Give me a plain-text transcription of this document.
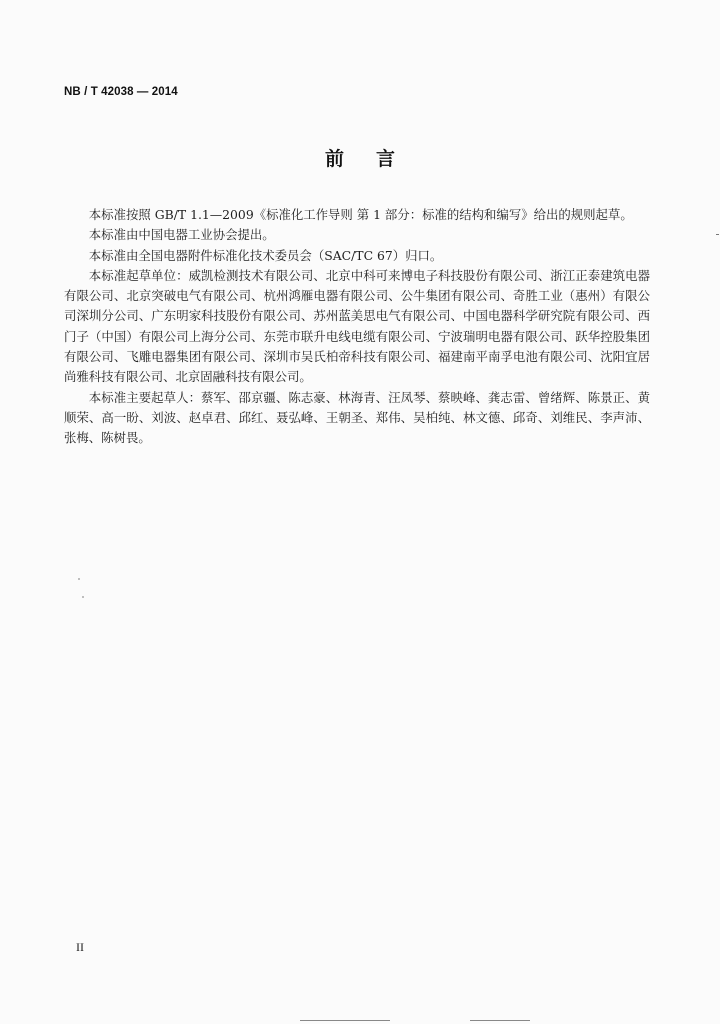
NB / T 42038 — 2014
前 言

本标准按照 GB/T 1.1—2009《标准化工作导则 第 1 部分：标准的结构和编写》给出的规则起草。

本标准由中国电器工业协会提出。

本标准由全国电器附件标准化技术委员会（SAC/TC 67）归口。

本标准起草单位：威凯检测技术有限公司、北京中科可来博电子科技股份有限公司、浙江正泰建筑电器有限公司、北京突破电气有限公司、杭州鸿雁电器有限公司、公牛集团有限公司、奇胜工业（惠州）有限公司深圳分公司、广东明家科技股份有限公司、苏州蓝美思电气有限公司、中国电器科学研究院有限公司、西门子（中国）有限公司上海分公司、东莞市联升电线电缆有限公司、宁波瑞明电器有限公司、跃华控股集团有限公司、飞雕电器集团有限公司、深圳市吴氏柏帝科技有限公司、福建南平南孚电池有限公司、沈阳宜居尚雅科技有限公司、北京固融科技有限公司。

本标准主要起草人：蔡军、邵京疆、陈志豪、林海青、汪凤琴、蔡映峰、龚志雷、曾绪辉、陈景正、黄顺荣、高一盼、刘波、赵卓君、邱红、聂弘峰、王朝圣、郑伟、吴柏纯、林文德、邱奇、刘维民、李声沛、张梅、陈树畏。

II
